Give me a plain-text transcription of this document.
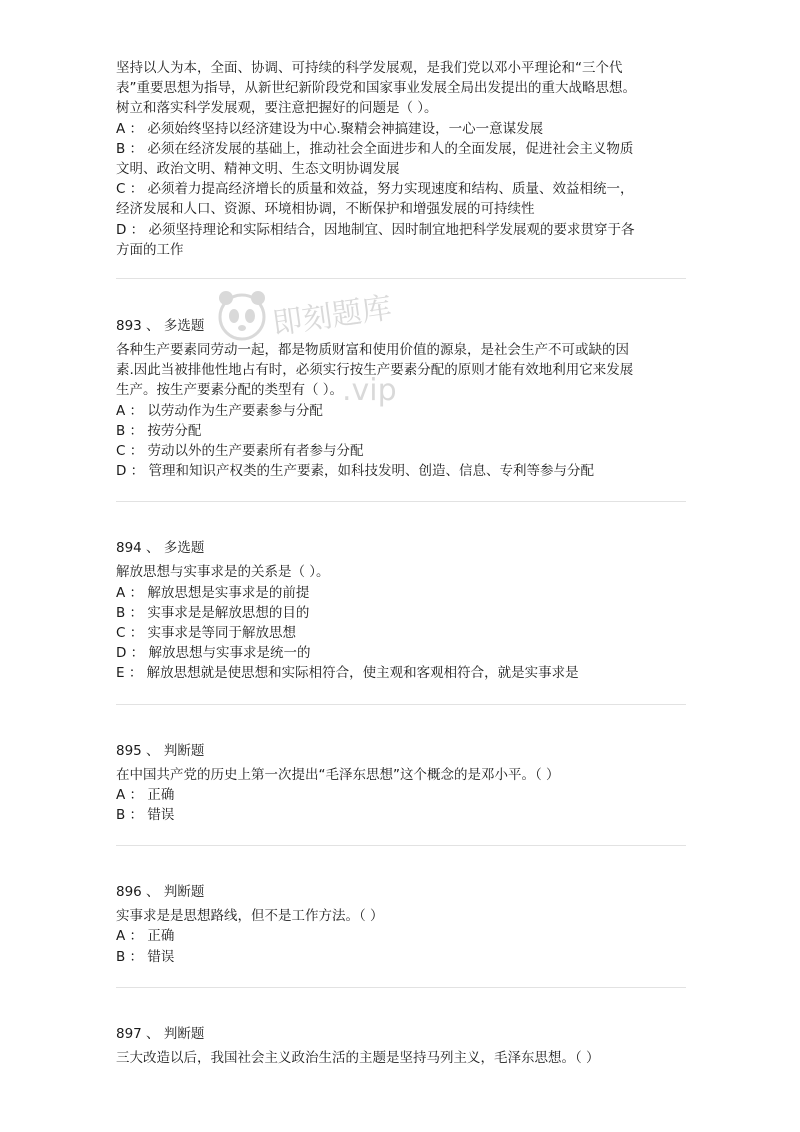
坚持以人为本，全面、协调、可持续的科学发展观，是我们党以邓小平理论和“三个代
表”重要思想为指导，从新世纪新阶段党和国家事业发展全局出发提出的重大战略思想。
树立和落实科学发展观，要注意把握好的问题是（ ）。
A ： 必须始终坚持以经济建设为中心.聚精会神搞建设，一心一意谋发展
B ： 必须在经济发展的基础上，推动社会全面进步和人的全面发展，促进社会主义物质
文明、政治文明、精神文明、生态文明协调发展
C ： 必须着力提高经济增长的质量和效益，努力实现速度和结构、质量、效益相统一，
经济发展和人口、资源、环境相协调，不断保护和增强发展的可持续性
D ： 必须坚持理论和实际相结合，因地制宜、因时制宜地把科学发展观的要求贯穿于各
方面的工作
893 、 多选题
各种生产要素同劳动一起，都是物质财富和使用价值的源泉，是社会生产不可或缺的因
素.因此当被排他性地占有时，必须实行按生产要素分配的原则才能有效地利用它来发展
生产。按生产要素分配的类型有（ ）。
A ： 以劳动作为生产要素参与分配
B ： 按劳分配
C ： 劳动以外的生产要素所有者参与分配
D ： 管理和知识产权类的生产要素，如科技发明、创造、信息、专利等参与分配
894 、 多选题
解放思想与实事求是的关系是（ ）。
A ： 解放思想是实事求是的前提
B ： 实事求是是解放思想的目的
C ： 实事求是等同于解放思想
D ： 解放思想与实事求是统一的
E ： 解放思想就是使思想和实际相符合，使主观和客观相符合，就是实事求是
895 、 判断题
在中国共产党的历史上第一次提出“毛泽东思想”这个概念的是邓小平。（ ）
A ： 正确
B ： 错误
896 、 判断题
实事求是是思想路线，但不是工作方法。（ ）
A ： 正确
B ： 错误
897 、 判断题
三大改造以后，我国社会主义政治生活的主题是坚持马列主义，毛泽东思想。（ ）
即刻题库
.vip
